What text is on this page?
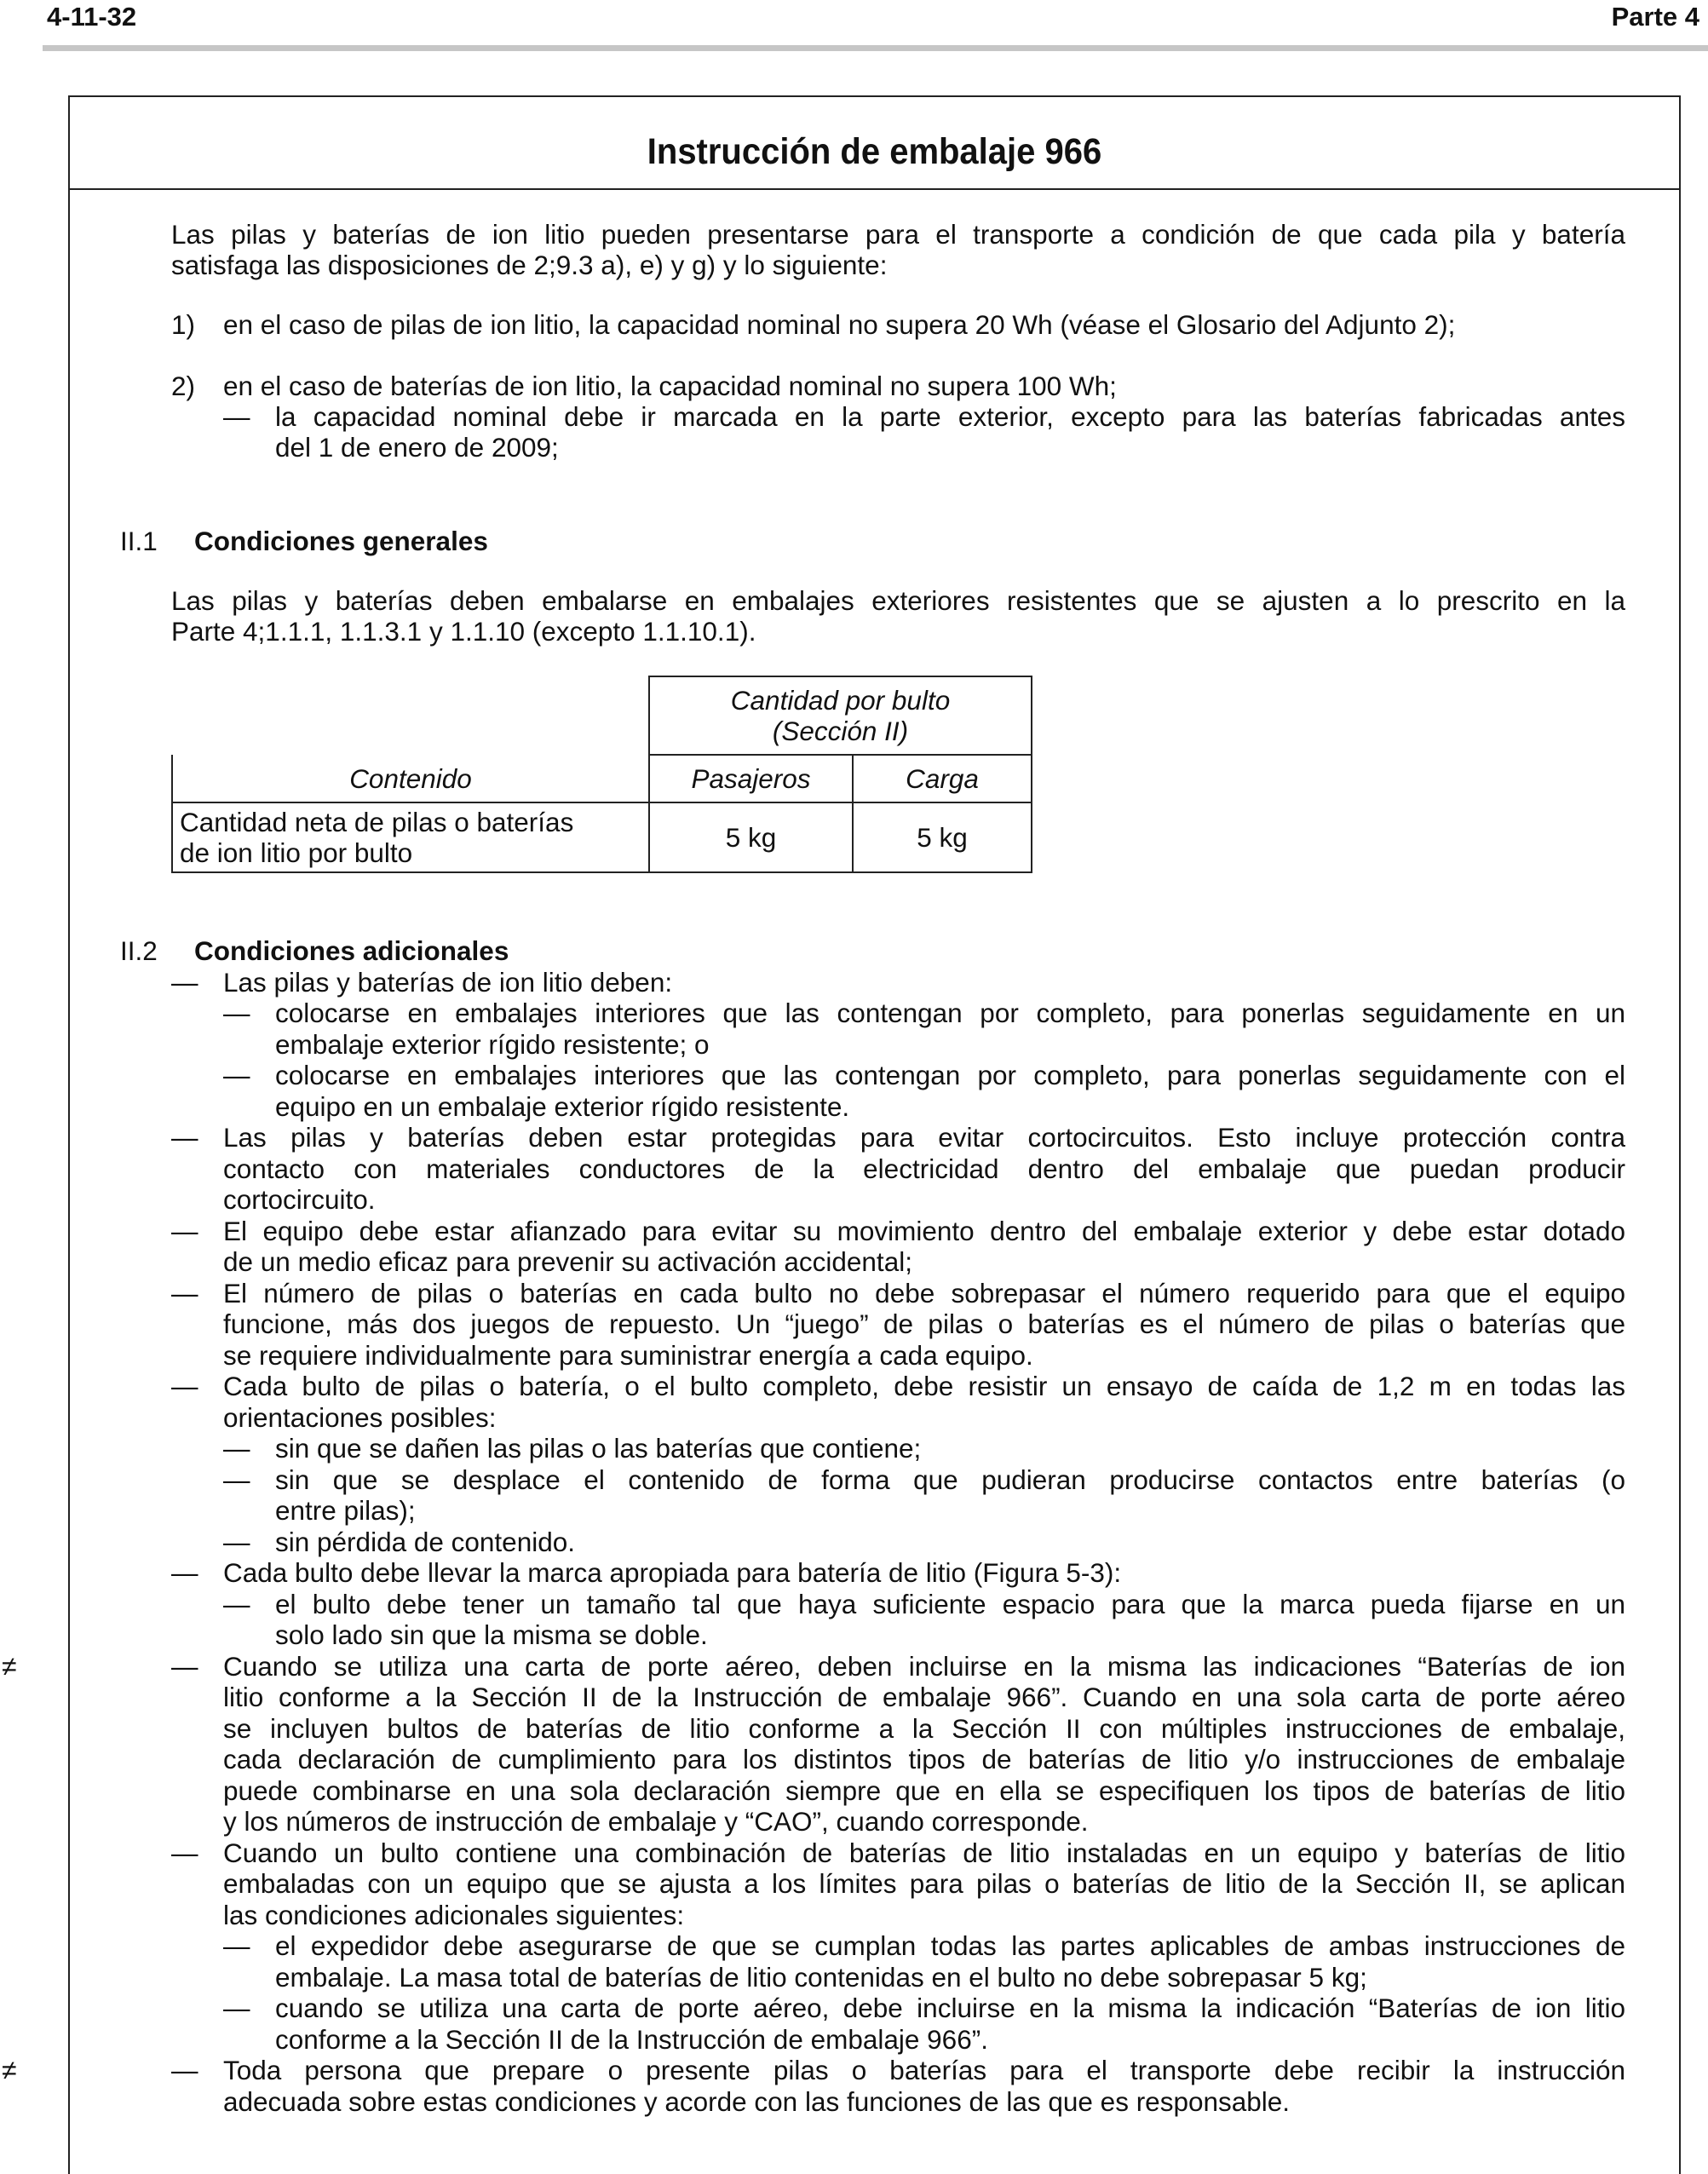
4-11-32	Parte 4
Instrucción de embalaje 966
Las pilas y baterías de ion litio pueden presentarse para el transporte a condición de que cada pila y batería
satisfaga las disposiciones de 2;9.3 a), e) y g) y lo siguiente:
1) en el caso de pilas de ion litio, la capacidad nominal no supera 20 Wh (véase el Glosario del Adjunto 2);
2) en el caso de baterías de ion litio, la capacidad nominal no supera 100 Wh;
— la capacidad nominal debe ir marcada en la parte exterior, excepto para las baterías fabricadas antes
del 1 de enero de 2009;
II.1 Condiciones generales
Las pilas y baterías deben embalarse en embalajes exteriores resistentes que se ajusten a lo prescrito en la
Parte 4;1.1.1, 1.1.3.1 y 1.1.10 (excepto 1.1.10.1).

	Cantidad por bulto
(Sección II)	

Contenido	Pasajeros	Carga

Cantidad neta de pilas o baterías
de ion litio por bulto	5 kg	5 kg
II.2 Condiciones adicionales
— Las pilas y baterías de ion litio deben:
— colocarse en embalajes interiores que las contengan por completo, para ponerlas seguidamente en un
embalaje exterior rígido resistente; o
— colocarse en embalajes interiores que las contengan por completo, para ponerlas seguidamente con el
equipo en un embalaje exterior rígido resistente.
— Las pilas y baterías deben estar protegidas para evitar cortocircuitos. Esto incluye protección contra
contacto con materiales conductores de la electricidad dentro del embalaje que puedan producir
cortocircuito.
— El equipo debe estar afianzado para evitar su movimiento dentro del embalaje exterior y debe estar dotado
de un medio eficaz para prevenir su activación accidental;
— El número de pilas o baterías en cada bulto no debe sobrepasar el número requerido para que el equipo
funcione, más dos juegos de repuesto. Un “juego” de pilas o baterías es el número de pilas o baterías que
se requiere individualmente para suministrar energía a cada equipo.
— Cada bulto de pilas o batería, o el bulto completo, debe resistir un ensayo de caída de 1,2 m en todas las
orientaciones posibles:
— sin que se dañen las pilas o las baterías que contiene;
— sin que se desplace el contenido de forma que pudieran producirse contactos entre baterías (o
entre pilas);
— sin pérdida de contenido.
— Cada bulto debe llevar la marca apropiada para batería de litio (Figura 5-3):
— el bulto debe tener un tamaño tal que haya suficiente espacio para que la marca pueda fijarse en un
solo lado sin que la misma se doble.
—
≠	Cuando se utiliza una carta de porte aéreo, deben incluirse en la misma las indicaciones “Baterías de ion
litio conforme a la Sección II de la Instrucción de embalaje 966”. Cuando en una sola carta de porte aéreo
se incluyen bultos de baterías de litio conforme a la Sección II con múltiples instrucciones de embalaje,
cada declaración de cumplimiento para los distintos tipos de baterías de litio y/o instrucciones de embalaje
puede combinarse en una sola declaración siempre que en ella se especifiquen los tipos de baterías de litio
y los números de instrucción de embalaje y “CAO”, cuando corresponde.
— Cuando un bulto contiene una combinación de baterías de litio instaladas en un equipo y baterías de litio
embaladas con un equipo que se ajusta a los límites para pilas o baterías de litio de la Sección II, se aplican
las condiciones adicionales siguientes:
— el expedidor debe asegurarse de que se cumplan todas las partes aplicables de ambas instrucciones de
embalaje. La masa total de baterías de litio contenidas en el bulto no debe sobrepasar 5 kg;
— cuando se utiliza una carta de porte aéreo, debe incluirse en la misma la indicación “Baterías de ion litio
conforme a la Sección II de la Instrucción de embalaje 966”.
—
≠	Toda persona que prepare o presente pilas o baterías para el transporte debe recibir la instrucción
adecuada sobre estas condiciones y acorde con las funciones de las que es responsable.
